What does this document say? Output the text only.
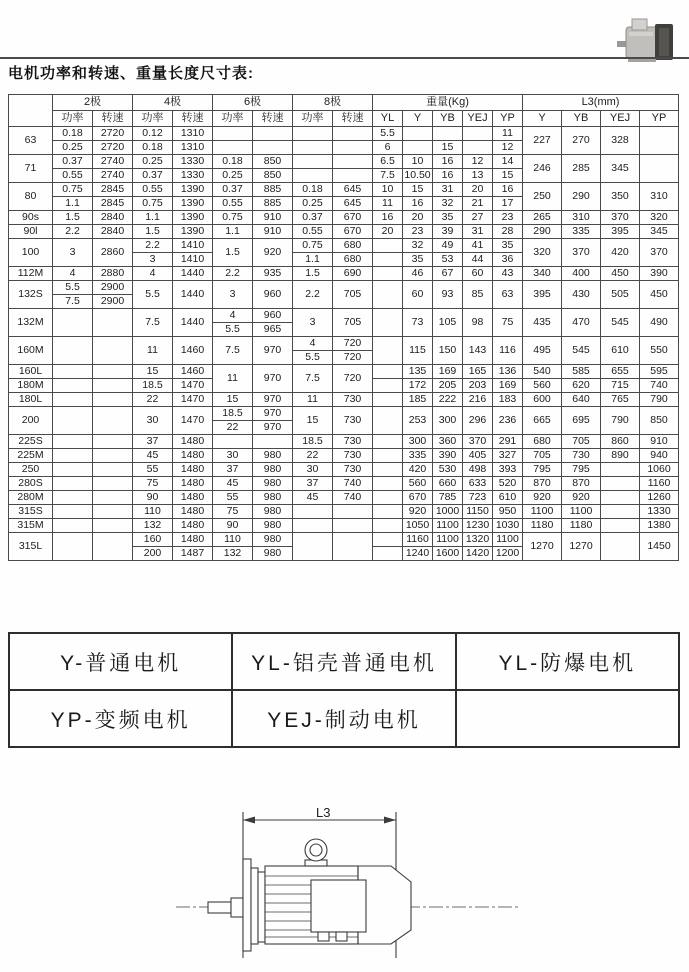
电机功率和转速、重量长度尺寸表:
	2极		4极		6极		8极		重量(Kg)					L3(mm)			
	功率	转速	功率	转速	功率	转速	功率	转速	YL	Y	YB	YEJ	YP	Y	YB	YEJ	YP
63	0.18	2720	0.12	1310					5.5				11	227	270	328	
	0.25	2720	0.18	1310					6		15		12				
71	0.37	2740	0.25	1330	0.18	850			6.5	10	16	12	14	246	285	345	
	0.55	2740	0.37	1330	0.25	850			7.5	10.50	16	13	15				
80	0.75	2845	0.55	1390	0.37	885	0.18	645	10	15	31	20	16	250	290	350	310
	1.1	2845	0.75	1390	0.55	885	0.25	645	11	16	32	21	17				
90s	1.5	2840	1.1	1390	0.75	910	0.37	670	16	20	35	27	23	265	310	370	320
90l	2.2	2840	1.5	1390	1.1	910	0.55	670	20	23	39	31	28	290	335	395	345
100	3	2860	2.2	1410	1.5	920	0.75	680		32	49	41	35	320	370	420	370
			3	1410			1.1	680		35	53	44	36				
112M	4	2880	4	1440	2.2	935	1.5	690		46	67	60	43	340	400	450	390
132S	5.5	2900	5.5	1440	3	960	2.2	705		60	93	85	63	395	430	505	450
	7.5	2900															
132M			7.5	1440	4	960	3	705		73	105	98	75	435	470	545	490
					5.5	965											
160M			11	1460	7.5	970	4	720		115	150	143	116	495	545	610	550
							5.5	720									
160L			15	1460	11	970	7.5	720		135	169	165	136	540	585	655	595
180M			18.5	1470						172	205	203	169	560	620	715	740
180L			22	1470	15	970	11	730		185	222	216	183	600	640	765	790
200			30	1470	18.5	970	15	730		253	300	296	236	665	695	790	850
					22	970											
225S			37	1480			18.5	730		300	360	370	291	680	705	860	910
225M			45	1480	30	980	22	730		335	390	405	327	705	730	890	940
250			55	1480	37	980	30	730		420	530	498	393	795	795		1060
280S			75	1480	45	980	37	740		560	660	633	520	870	870		1160
280M			90	1480	55	980	45	740		670	785	723	610	920	920		1260
315S			110	1480	75	980				920	1000	1150	950	1100	1100		1330
315M			132	1480	90	980				1050	1100	1230	1030	1180	1180		1380
315L			160	1480	110	980				1160	1100	1320	1100	1270	1270		1450
			200	1487	132	980				1240	1600	1420	1200				
Y-普通电机	YL-铝壳普通电机	YL-防爆电机
YP-变频电机	YEJ-制动电机	
L3
